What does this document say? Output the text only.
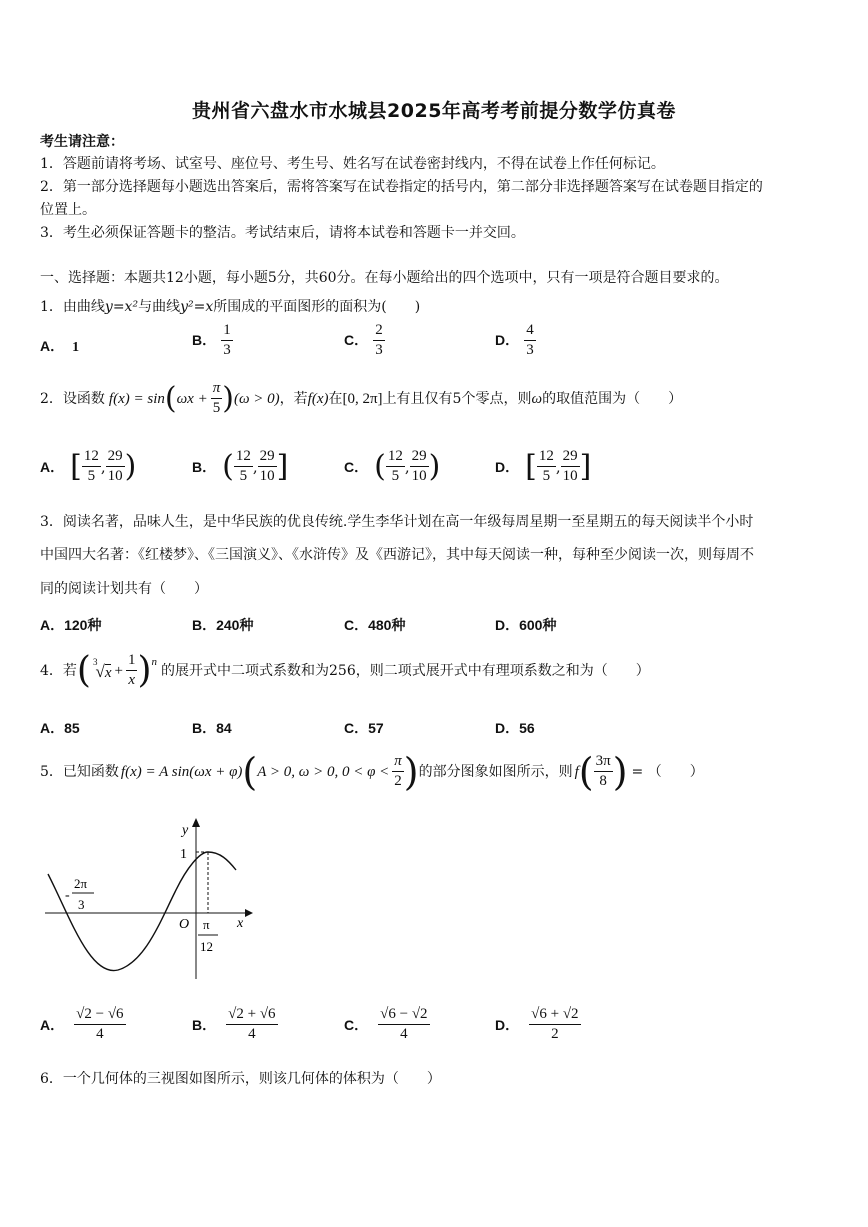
贵州省六盘水市水城县2025年高考考前提分数学仿真卷
考生请注意：
1．答题前请将考场、试室号、座位号、考生号、姓名写在试卷密封线内，不得在试卷上作任何标记。
2．第一部分选择题每小题选出答案后，需将答案写在试卷指定的括号内，第二部分非选择题答案写在试卷题目指定的
位置上。
3．考生必须保证答题卡的整洁。考试结束后，请将本试卷和答题卡一并交回。
一、选择题：本题共12小题，每小题5分，共60分。在每小题给出的四个选项中，只有一项是符合题目要求的。
1．由曲线y=x²与曲线y²=x所围成的平面图形的面积为(　　)
A． 1	B． $\frac{1}{3}$	C． $\frac{2}{3}$	D． $\frac{4}{3}$
2．设函数 f(x) = sin ( $\omega x + \frac{\pi}{5}$ ) (ω > 0) ，若 f(x) 在 [0, 2π] 上有且仅有5个零点，则 ω 的取值范围为（　　）
A． [ $\frac{12}{5}$ , $\frac{29}{10}$ )	B． ( $\frac{12}{5}$ , $\frac{29}{10}$ ]	C． ( $\frac{12}{5}$ , $\frac{29}{10}$ )	D． [ $\frac{12}{5}$ , $\frac{29}{10}$ ]
3．阅读名著，品味人生，是中华民族的优良传统.学生李华计划在高一年级每周星期一至星期五的每天阅读半个小时
中国四大名著：《红楼梦》、《三国演义》、《水浒传》及《西游记》，其中每天阅读一种，每种至少阅读一次，则每周不
同的阅读计划共有（　　）
A．120种	B．240种	C．480种	D．600种
4．若 ( $^3√x + \frac{1}{x} )^n$
的展开式中二项式系数和为256，则二项式展开式中有理项系数之和为（　　）
A．85	B．84	C．57	D．56
5．已知函数 f(x) = A sin(ωx + φ) ( A > 0, ω > 0, $0 < \varphi < \frac{\pi}{2}$ ) 的部分图象如图所示，则 f ( $\frac{3\pi}{8}$ ) = （　　）
y
x
O
1
-
2π
3
π
12
A． $\frac{√2 - √6}{4}$	B． $\frac{√2 + √6}{4}$	C． $\frac{√6 - √2}{4}$	D． $\frac{√6 + √2}{2}$
6．一个几何体的三视图如图所示，则该几何体的体积为（　　）
